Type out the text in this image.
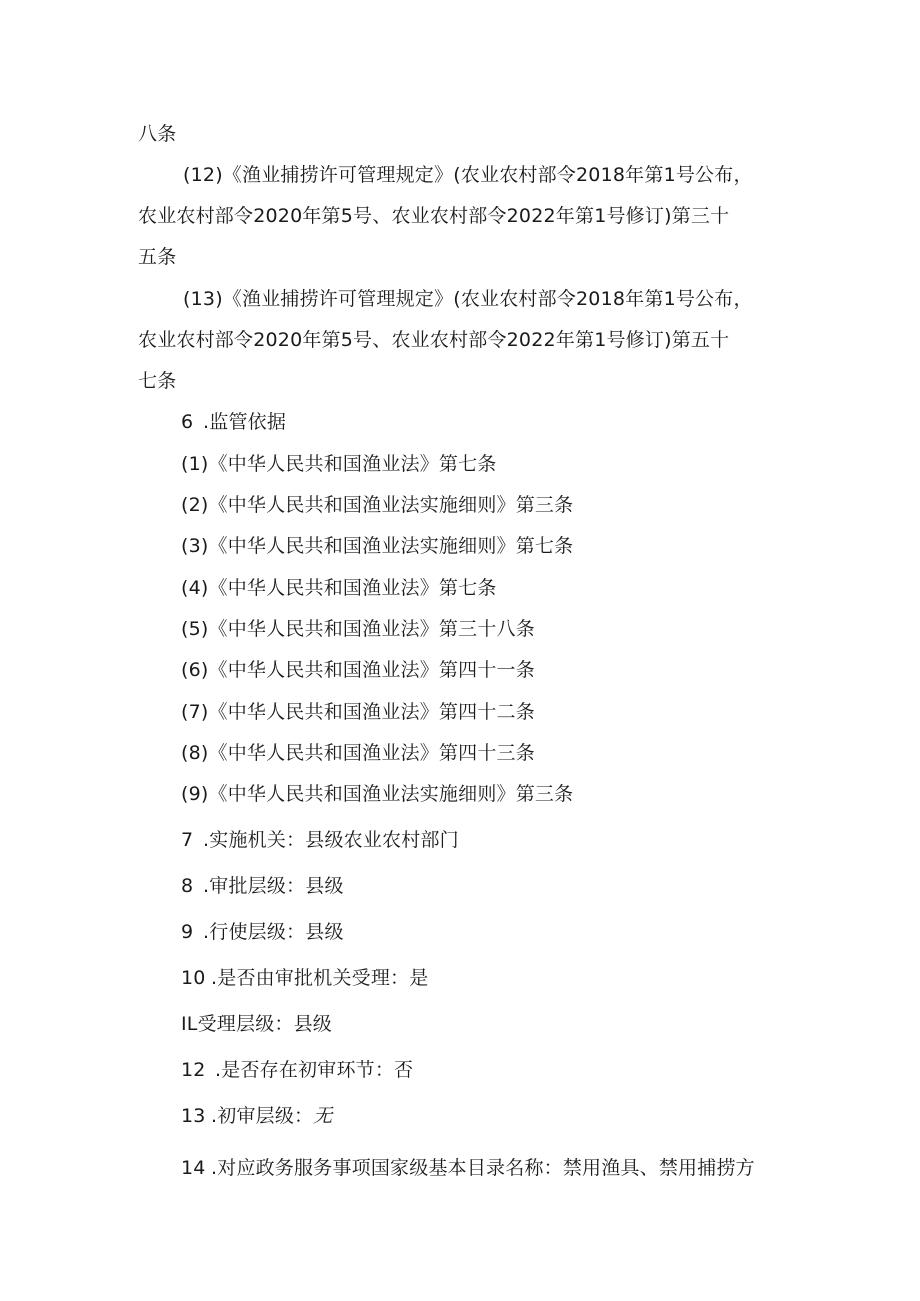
八条
(12)《渔业捕捞许可管理规定》(农业农村部令2018年第1号公布，
农业农村部令2020年第5号、农业农村部令2022年第1号修订)第三十
五条
(13)《渔业捕捞许可管理规定》(农业农村部令2018年第1号公布，
农业农村部令2020年第5号、农业农村部令2022年第1号修订)第五十
七条
6 .监管依据
(1)《中华人民共和国渔业法》第七条
(2)《中华人民共和国渔业法实施细则》第三条
(3)《中华人民共和国渔业法实施细则》第七条
(4)《中华人民共和国渔业法》第七条
(5)《中华人民共和国渔业法》第三十八条
(6)《中华人民共和国渔业法》第四十一条
(7)《中华人民共和国渔业法》第四十二条
(8)《中华人民共和国渔业法》第四十三条
(9)《中华人民共和国渔业法实施细则》第三条
7 .实施机关：县级农业农村部门
8 .审批层级：县级
9 .行使层级：县级
10 .是否由审批机关受理：是
IL受理层级：县级
12 .是否存在初审环节：否
13 .初审层级：无
14 .对应政务服务事项国家级基本目录名称：禁用渔具、禁用捕捞方
